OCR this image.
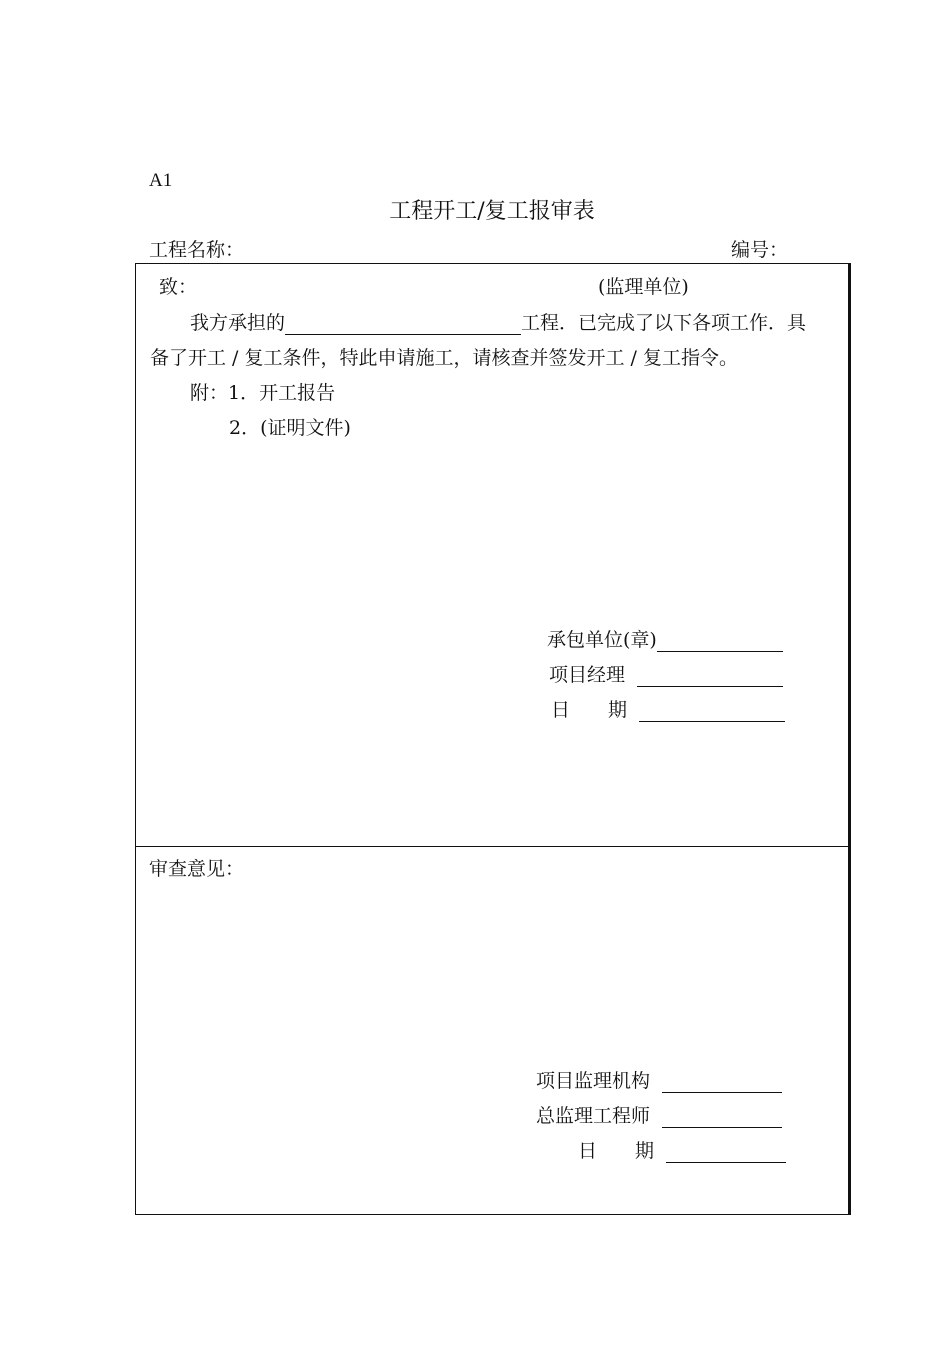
A1
工程开工/复工报审表
工程名称：	编号：
致：	(监理单位)
我方承担的	工程．已完成了以下各项工作．具
备了开工 / 复工条件，特此申请施工，请核查并签发开工 / 复工指令。
附：1．开工报告
2．(证明文件)
承包单位(章)
项目经理
日　　期
审查意见：
项目监理机构
总监理工程师
日　　期
